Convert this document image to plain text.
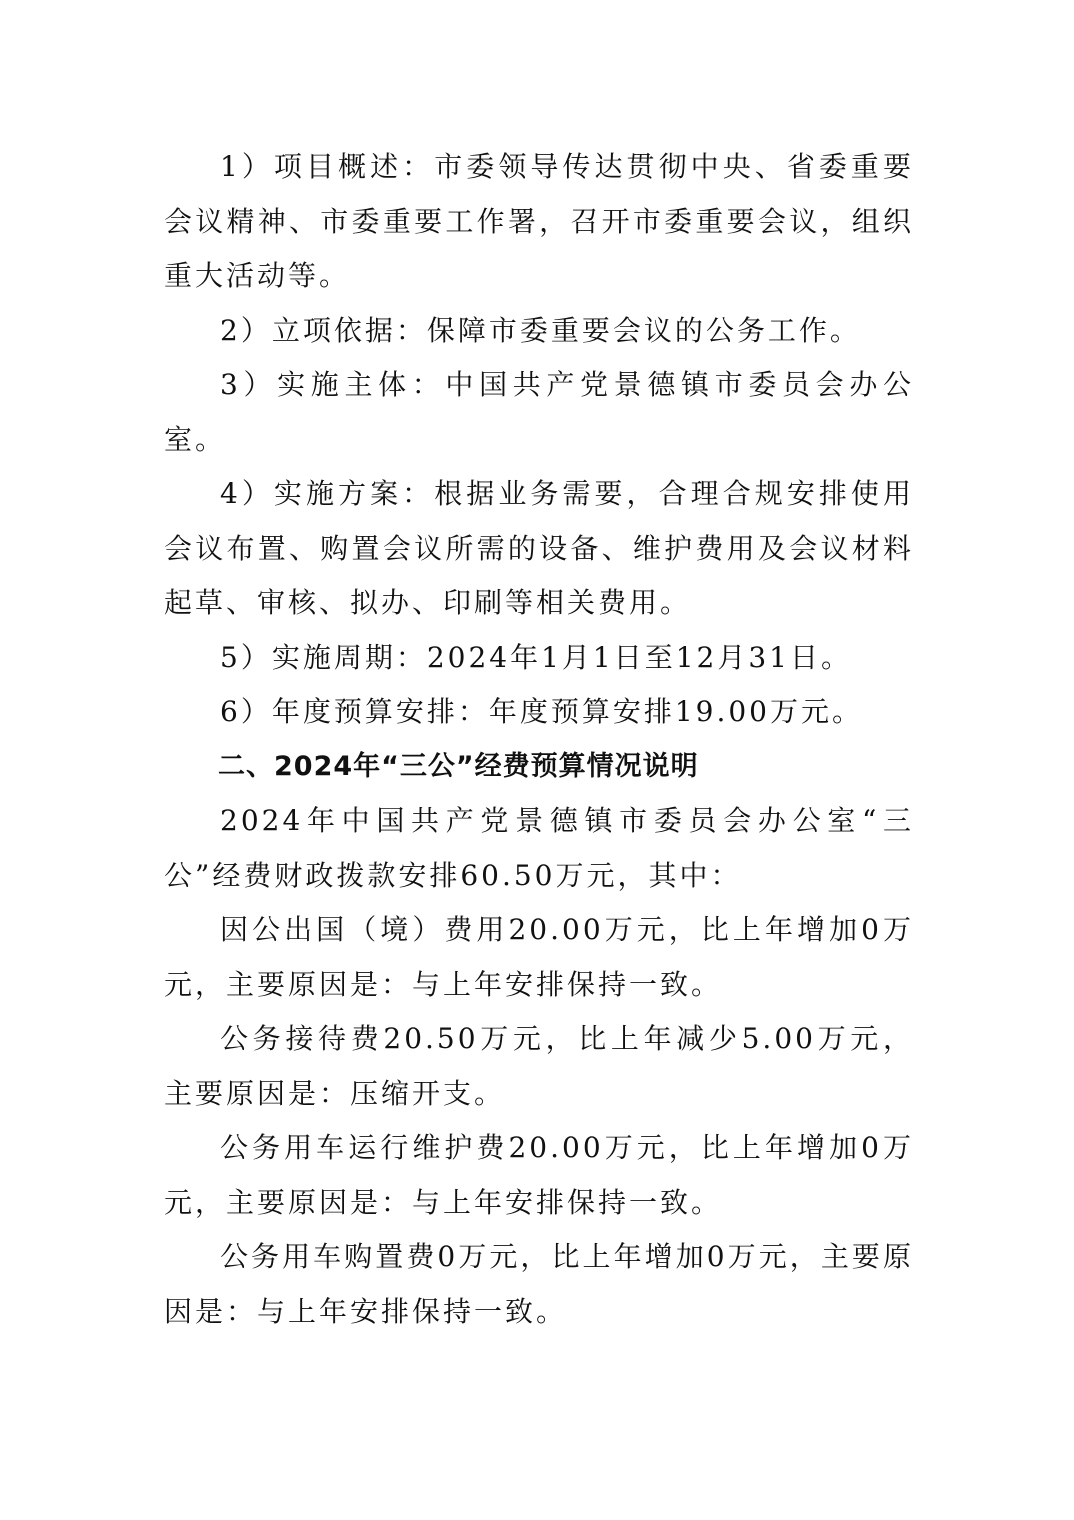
1）项目概述：市委领导传达贯彻中央、省委重要会议精神、市委重要工作署，召开市委重要会议，组织重大活动等。

2）立项依据：保障市委重要会议的公务工作。

3）实施主体：中国共产党景德镇市委员会办公室。

4）实施方案：根据业务需要，合理合规安排使用会议布置、购置会议所需的设备、维护费用及会议材料起草、审核、拟办、印刷等相关费用。

5）实施周期：2024年1月1日至12月31日。

6）年度预算安排：年度预算安排19.00万元。

二、2024年“三公”经费预算情况说明

2024年中国共产党景德镇市委员会办公室“三公”经费财政拨款安排60.50万元，其中：

因公出国（境）费用20.00万元，比上年增加0万元，主要原因是：与上年安排保持一致。

公务接待费20.50万元，比上年减少5.00万元，主要原因是：压缩开支。

公务用车运行维护费20.00万元，比上年增加0万元，主要原因是：与上年安排保持一致。

公务用车购置费0万元，比上年增加0万元，主要原因是：与上年安排保持一致。
